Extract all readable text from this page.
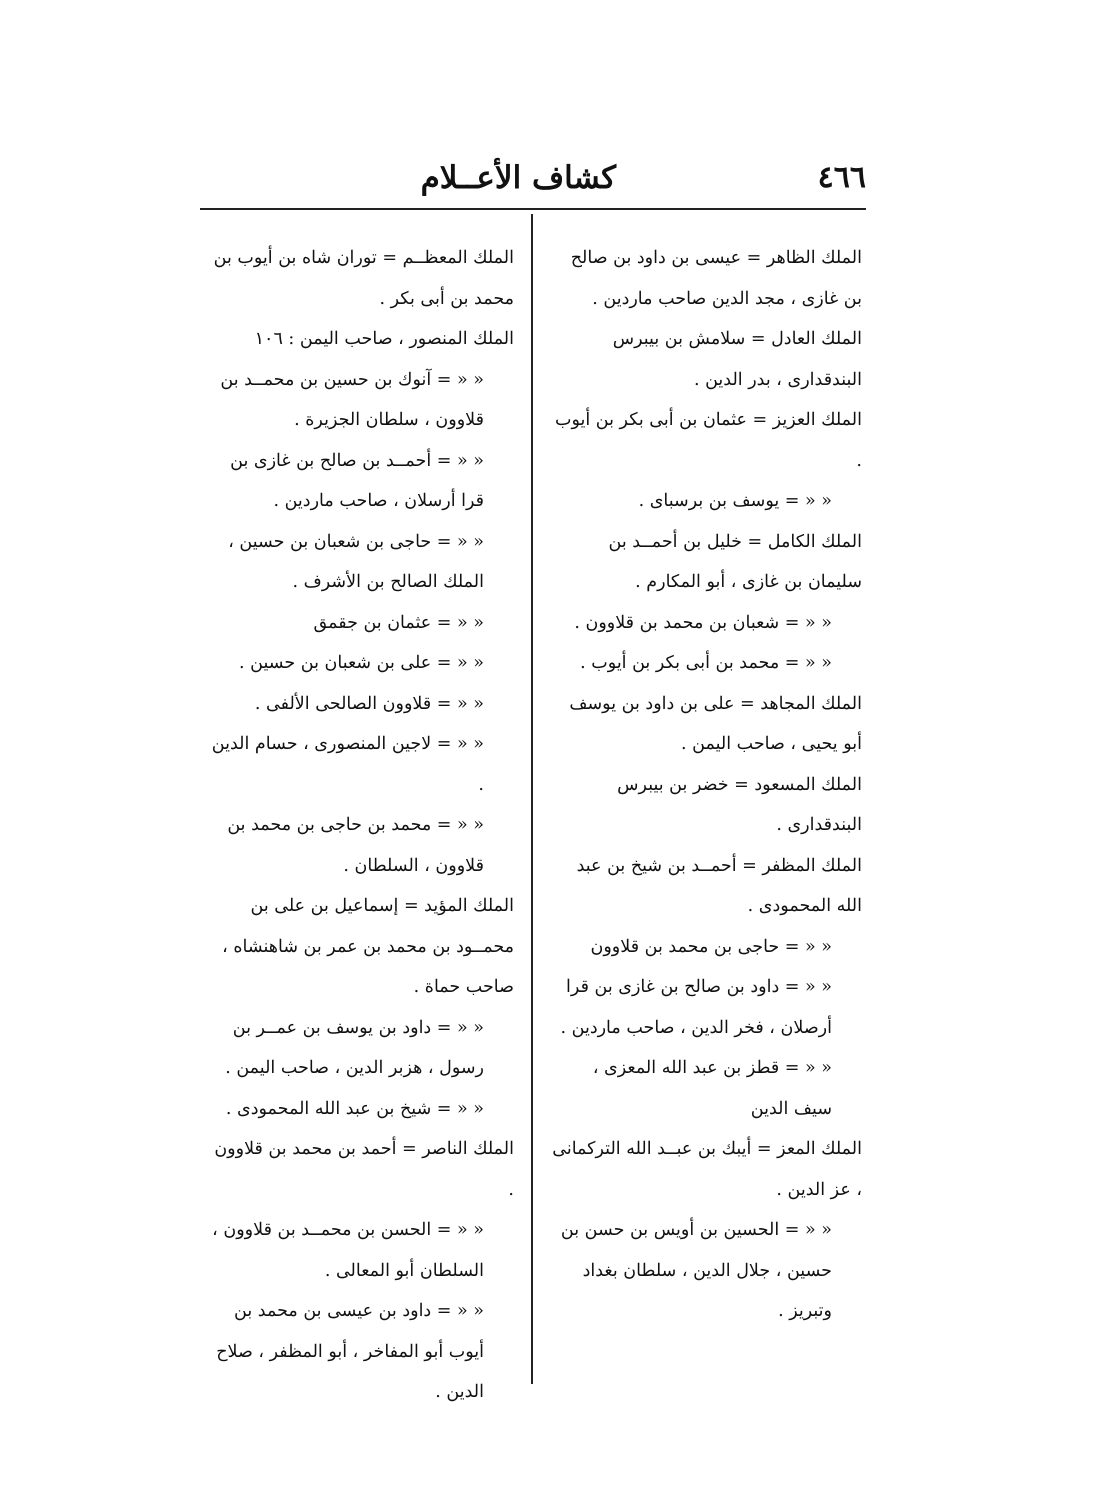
٤٦٦
كشاف الأعــلام

الملك الظاهر = عيسى بن داود بن صالح بن غازى ، مجد الدين صاحب ماردين .

الملك العادل = سلامش بن بيبرس البندقدارى ، بدر الدين .

الملك العزيز = عثمان بن أبى بكر بن أيوب .

« « = يوسف بن برسباى .

الملك الكامل = خليل بن أحمــد بن سليمان بن غازى ، أبو المكارم .

« « = شعبان بن محمد بن قلاوون .

« « = محمد بن أبى بكر بن أيوب .

الملك المجاهد = على بن داود بن يوسف أبو يحيى ، صاحب اليمن .

الملك المسعود = خضر بن بيبرس البندقدارى .

الملك المظفر = أحمــد بن شيخ بن عبد الله المحمودى .

« « = حاجى بن محمد بن قلاوون

« « = داود بن صالح بن غازى بن قرا أرصلان ، فخر الدين ، صاحب ماردين .

« « = قطز بن عبد الله المعزى ، سيف الدين

الملك المعز = أيبك بن عبــد الله التركمانى ، عز الدين .

« « = الحسين بن أويس بن حسن بن حسين ، جلال الدين ، سلطان بغداد وتبريز .

الملك المعظــم = توران شاه بن أيوب بن محمد بن أبى بكر .

الملك المنصور ، صاحب اليمن : ١٠٦

« « = آنوك بن حسين بن محمــد بن قلاوون ، سلطان الجزيرة .

« « = أحمــد بن صالح بن غازى بن قرا أرسلان ، صاحب ماردين .

« « = حاجى بن شعبان بن حسين ، الملك الصالح بن الأشرف .

« « = عثمان بن جقمق

« « = على بن شعبان بن حسين .

« « = قلاوون الصالحى الألفى .

« « = لاجين المنصورى ، حسام الدين .

« « = محمد بن حاجى بن محمد بن قلاوون ، السلطان .

الملك المؤيد = إسماعيل بن على بن محمــود بن محمد بن عمر بن شاهنشاه ، صاحب حماة .

« « = داود بن يوسف بن عمــر بن رسول ، هزبر الدين ، صاحب اليمن .

« « = شيخ بن عبد الله المحمودى .

الملك الناصر = أحمد بن محمد بن قلاوون .

« « = الحسن بن محمــد بن قلاوون ، السلطان أبو المعالى .

« « = داود بن عيسى بن محمد بن أيوب أبو المفاخر ، أبو المظفر ، صلاح الدين .
